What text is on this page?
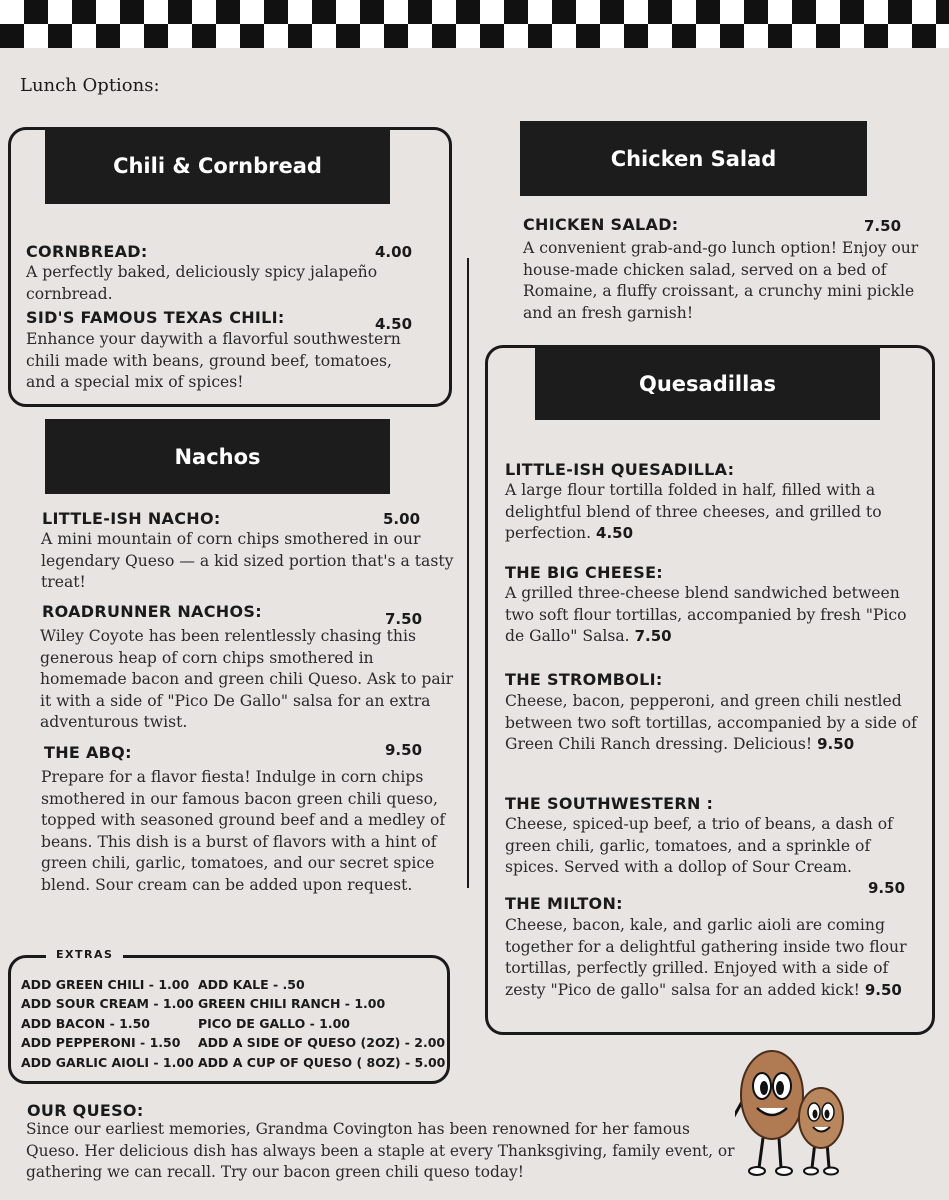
Lunch Options:
Chili & Cornbread
CORNBREAD:	4.00
A perfectly baked, deliciously spicy jalapeño cornbread.
SID'S FAMOUS TEXAS CHILI:	4.50
Enhance your daywith a flavorful southwestern chili made with beans, ground beef, tomatoes, and a special mix of spices!
Chicken Salad
CHICKEN SALAD:	7.50
A convenient grab-and-go lunch option! Enjoy our house-made chicken salad, served on a bed of Romaine, a fluffy croissant, a crunchy mini pickle and an fresh garnish!
Nachos
LITTLE-ISH NACHO:	5.00
A mini mountain of corn chips smothered in our legendary Queso — a kid sized portion that's a tasty treat!
ROADRUNNER NACHOS:	7.50
Wiley Coyote has been relentlessly chasing this generous heap of corn chips smothered in homemade bacon and green chili Queso. Ask to pair it with a side of "Pico De Gallo" salsa for an extra adventurous twist.
THE ABQ:	9.50
Prepare for a flavor fiesta! Indulge in corn chips smothered in our famous bacon green chili queso, topped with seasoned ground beef and a medley of beans. This dish is a burst of flavors with a hint of green chili, garlic, tomatoes, and our secret spice blend. Sour cream can be added upon request.
Quesadillas
LITTLE-ISH QUESADILLA:
A large flour tortilla folded in half, filled with a delightful blend of three cheeses, and grilled to perfection. 4.50
THE BIG CHEESE:
A grilled three-cheese blend sandwiched between two soft flour tortillas, accompanied by fresh "Pico de Gallo" Salsa. 7.50
THE STROMBOLI:
Cheese, bacon, pepperoni, and green chili nestled between two soft tortillas, accompanied by a side of Green Chili Ranch dressing. Delicious! 9.50
THE SOUTHWESTERN :
Cheese, spiced-up beef, a trio of beans, a dash of green chili, garlic, tomatoes, and a sprinkle of spices. Served with a dollop of Sour Cream.
9.50
THE MILTON:
Cheese, bacon, kale, and garlic aioli are coming together for a delightful gathering inside two flour tortillas, perfectly grilled. Enjoyed with a side of zesty "Pico de gallo" salsa for an added kick! 9.50
EXTRAS
ADD GREEN CHILI - 1.00
ADD SOUR CREAM - 1.00
ADD BACON - 1.50
ADD PEPPERONI - 1.50
ADD GARLIC AIOLI - 1.00
ADD KALE - .50
GREEN CHILI RANCH - 1.00
PICO DE GALLO - 1.00
ADD A SIDE OF QUESO (2OZ) - 2.00
ADD A CUP OF QUESO ( 8OZ) - 5.00
OUR QUESO:
Since our earliest memories, Grandma Covington has been renowned for her famous Queso. Her delicious dish has always been a staple at every Thanksgiving, family event, or gathering we can recall. Try our bacon green chili queso today!
